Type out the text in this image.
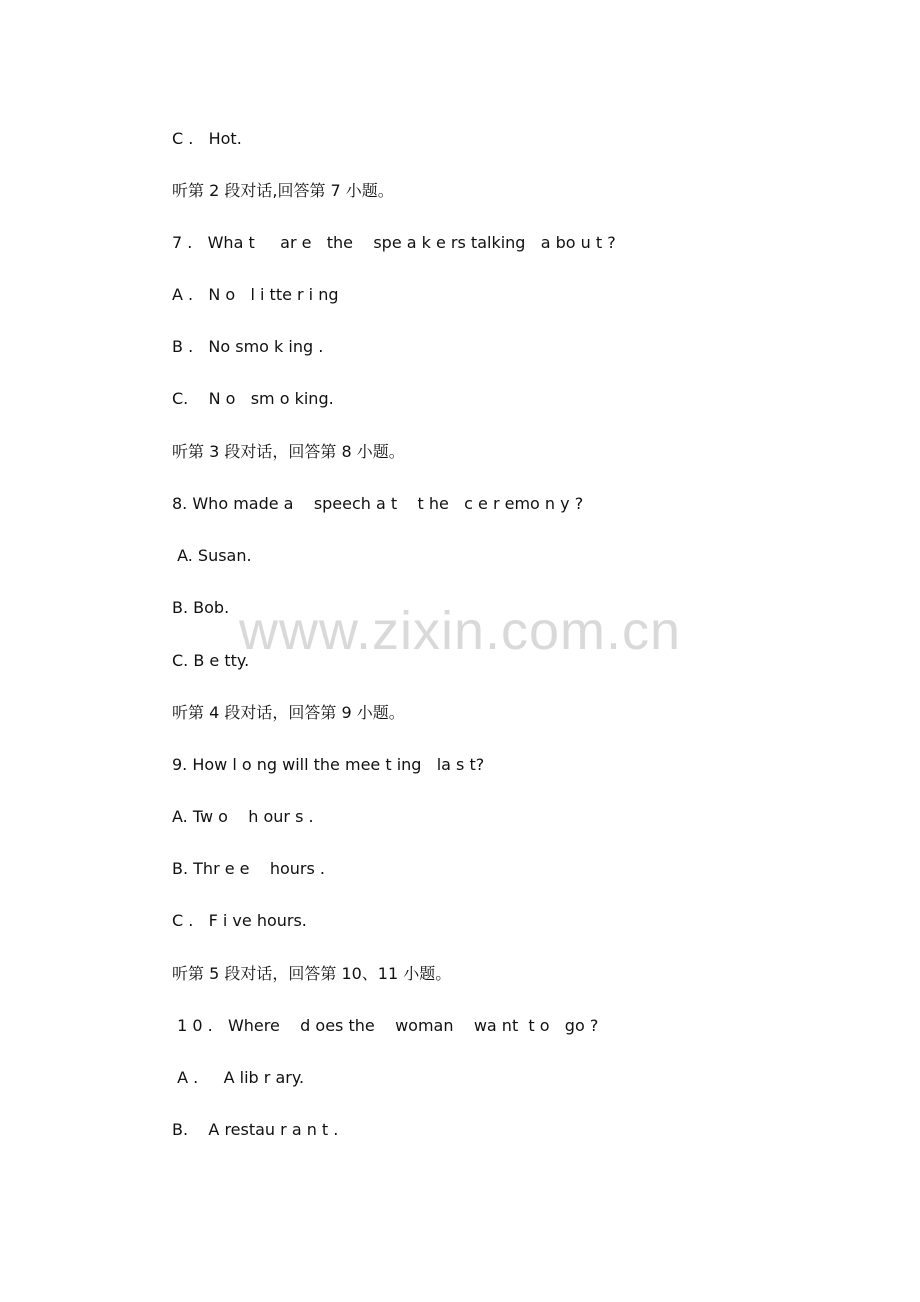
C .   Hot.
听第 2 段对话,回答第 7 小题。
7 .   Wha t     ar e   the    spe a k e rs talking   a bo u t ?
A .   N o   l i tte r i ng
B .   No smo k ing .
C.    N o   sm o king.
听第 3 段对话，回答第 8 小题。
8. Who made a    speech a t    t he   c e r emo n y ?
A. Susan.
B. Bob.
C. B e tty.
听第 4 段对话，回答第 9 小题。
9. How l o ng will the mee t ing   la s t?
A. Tw o    h our s .
B. Thr e e    hours .
C .   F i ve hours.
听第 5 段对话，回答第 10、11 小题。
1 0 .   Where    d oes the    woman    wa nt  t o   go ?
A .     A lib r ary.
B.    A restau r a n t .
www.zixin.com.cn
